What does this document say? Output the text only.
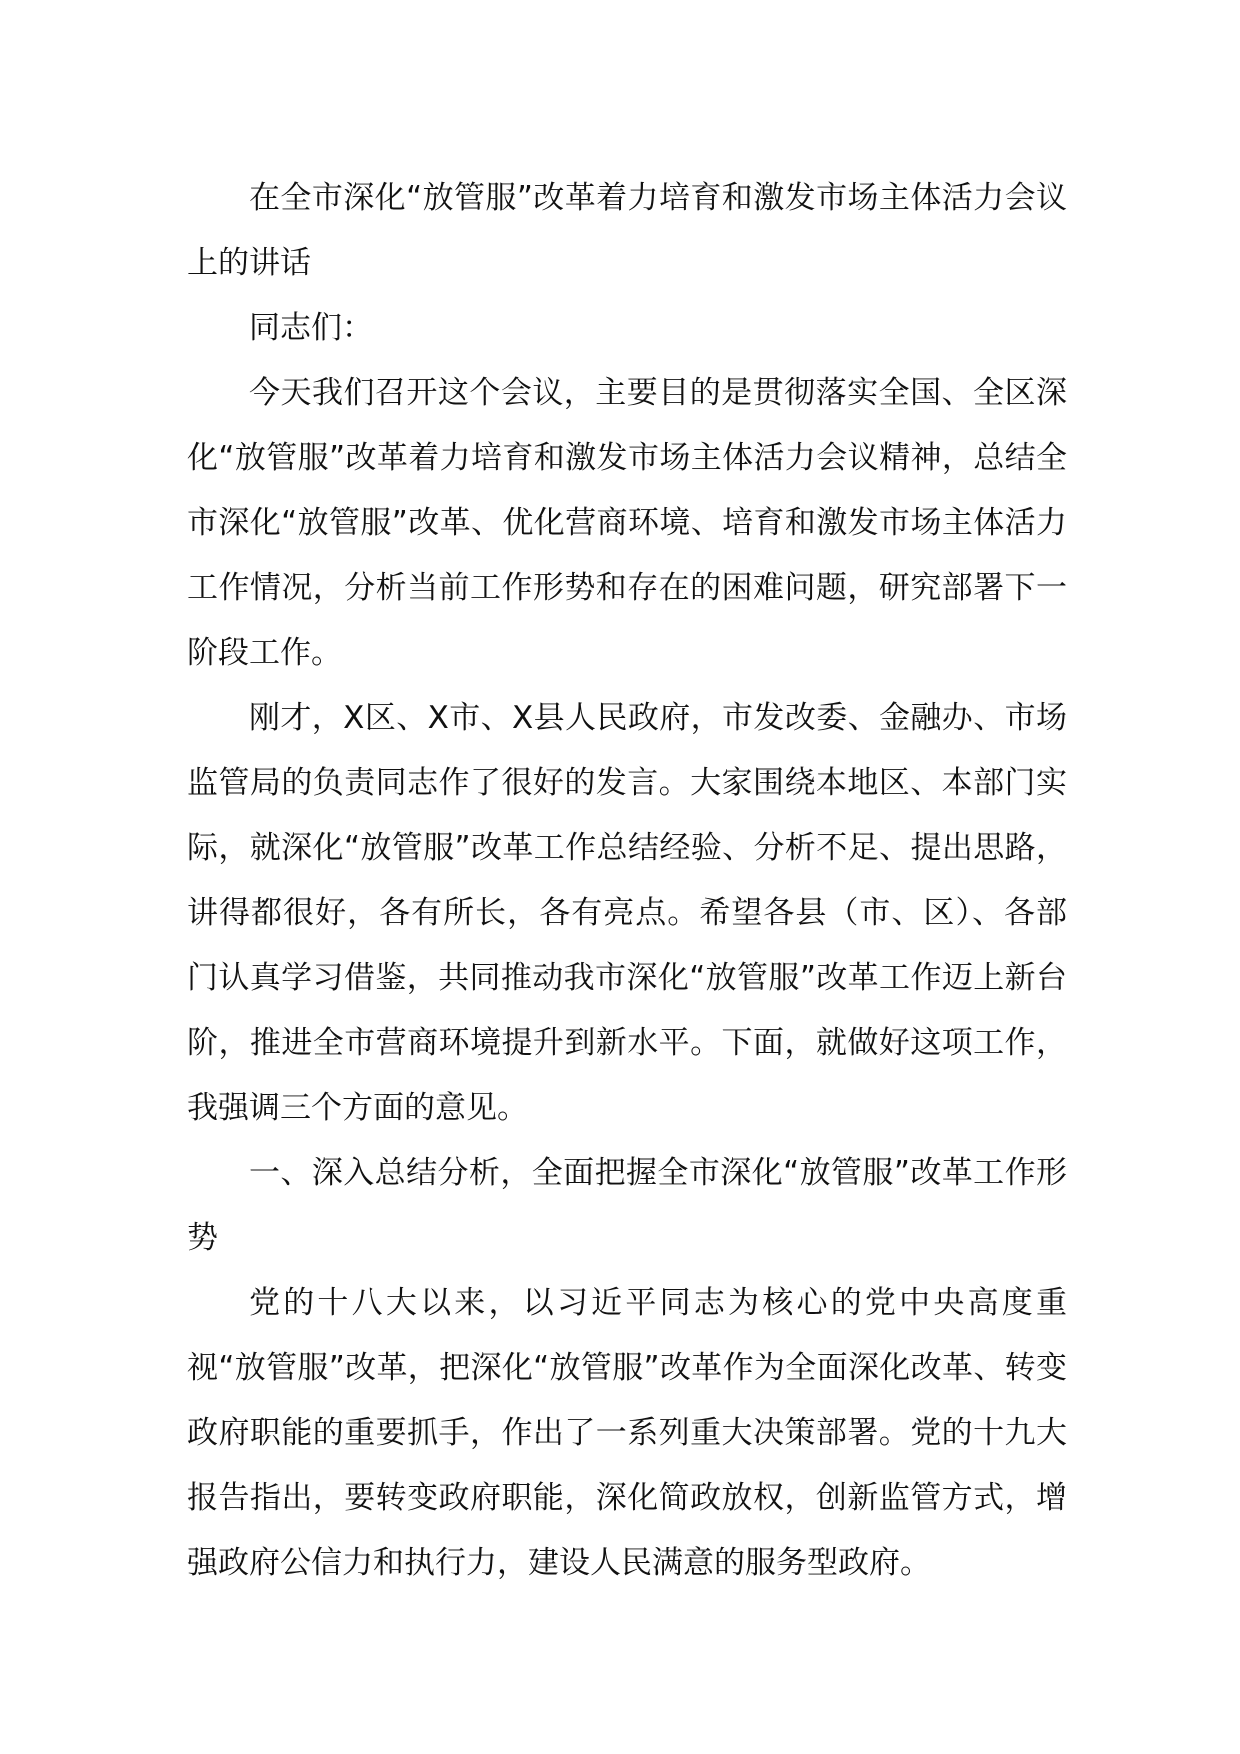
在全市深化“放管服”改革着力培育和激发市场主体活力会议上的讲话

同志们：

今天我们召开这个会议，主要目的是贯彻落实全国、全区深化“放管服”改革着力培育和激发市场主体活力会议精神，总结全市深化“放管服”改革、优化营商环境、培育和激发市场主体活力工作情况，分析当前工作形势和存在的困难问题，研究部署下一阶段工作。

刚才，X区、X市、X县人民政府，市发改委、金融办、市场监管局的负责同志作了很好的发言。大家围绕本地区、本部门实际，就深化“放管服”改革工作总结经验、分析不足、提出思路，讲得都很好，各有所长，各有亮点。希望各县（市、区）、各部门认真学习借鉴，共同推动我市深化“放管服”改革工作迈上新台阶，推进全市营商环境提升到新水平。下面，就做好这项工作，我强调三个方面的意见。

一、深入总结分析，全面把握全市深化“放管服”改革工作形势

党的十八大以来，以习近平同志为核心的党中央高度重视“放管服”改革，把深化“放管服”改革作为全面深化改革、转变政府职能的重要抓手，作出了一系列重大决策部署。党的十九大报告指出，要转变政府职能，深化简政放权，创新监管方式，增强政府公信力和执行力，建设人民满意的服务型政府。
